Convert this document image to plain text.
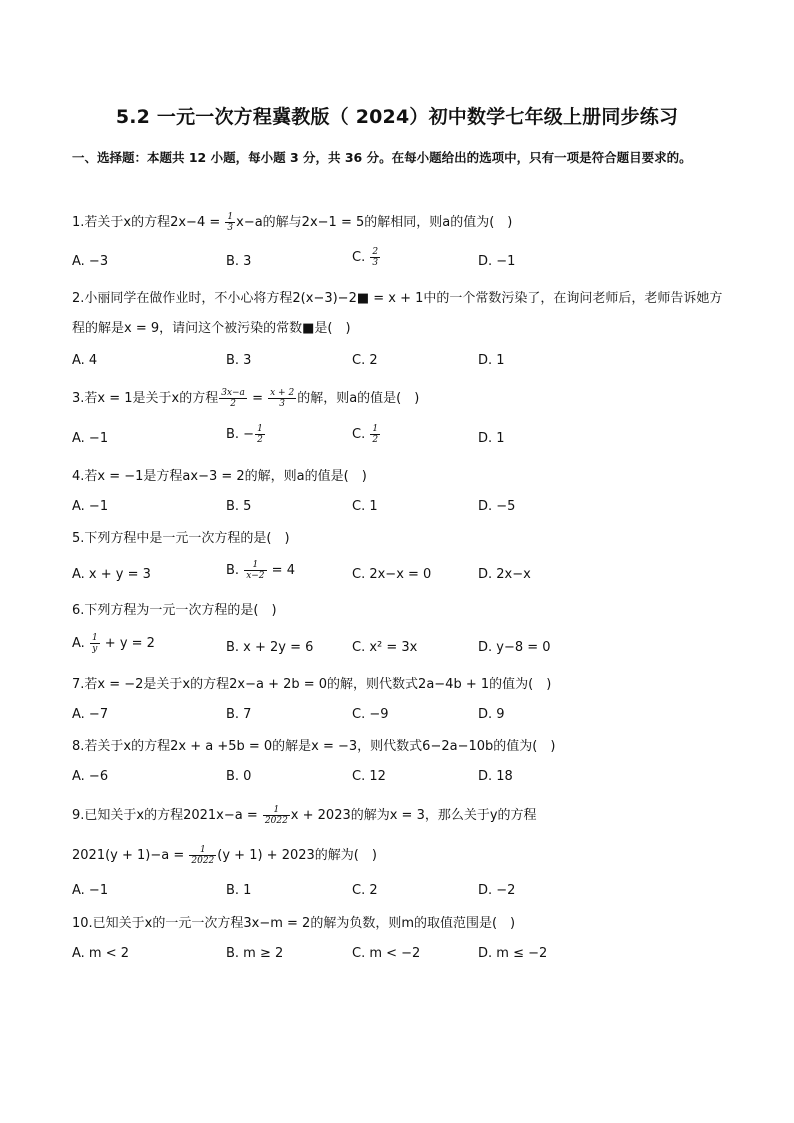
5.2 一元一次方程冀教版（ 2024）初中数学七年级上册同步练习
一、选择题：本题共 12 小题，每小题 3 分，共 36 分。在每小题给出的选项中，只有一项是符合题目要求的。
1.若关于x的方程$2x-4 = \frac{1}{3} x-a$的解与2x−1 = 5的解相同，则a的值为(　)
A. −3	B. 3	C. $\frac{2}{3}$	D. −1
2.小丽同学在做作业时，不小心将方程2(x−3)−2■ = x + 1中的一个常数污染了，在询问老师后，老师告诉她方程的解是x = 9，请问这个被污染的常数■是(　)
A. 4	B. 3	C. 2	D. 1
3.若x = 1是关于x的方程 $\frac{3x-a}{2} = \frac{x + 2}{3}$ 的解，则a的值是(　)
A. −1	B. − $\frac{1}{2}$	C. $\frac{1}{2}$	D. 1
4.若x = −1是方程ax−3 = 2的解，则a的值是(　)
A. −1	B. 5	C. 1	D. −5
5.下列方程中是一元一次方程的是(　)
A. x + y = 3	B. $\frac{1}{x-2} = 4$	C. 2x−x = 0	D. 2x−x
6.下列方程为一元一次方程的是(　)
A. $\frac{1}{y} + y = 2$	B. x + 2y = 6	C. x² = 3x	D. y−8 = 0
7.若x = −2是关于x的方程2x−a + 2b = 0的解，则代数式2a−4b + 1的值为(　)
A. −7	B. 7	C. −9	D. 9
8.若关于x的方程2x + a +5b = 0的解是x = −3，则代数式6−2a−10b的值为(　)
A. −6	B. 0	C. 12	D. 18
9.已知关于x的方程$2021x-a = \frac{1}{2022}$ x + 2023的解为x = 3，那么关于y的方程
$2021(y + 1)-a = \frac{1}{2022} (y + 1) + 2023$的解为(　)
A. −1	B. 1	C. 2	D. −2
10.已知关于x的一元一次方程3x−m = 2的解为负数，则m的取值范围是(　)
A. m < 2	B. m ≥ 2	C. m < −2	D. m ≤ −2
